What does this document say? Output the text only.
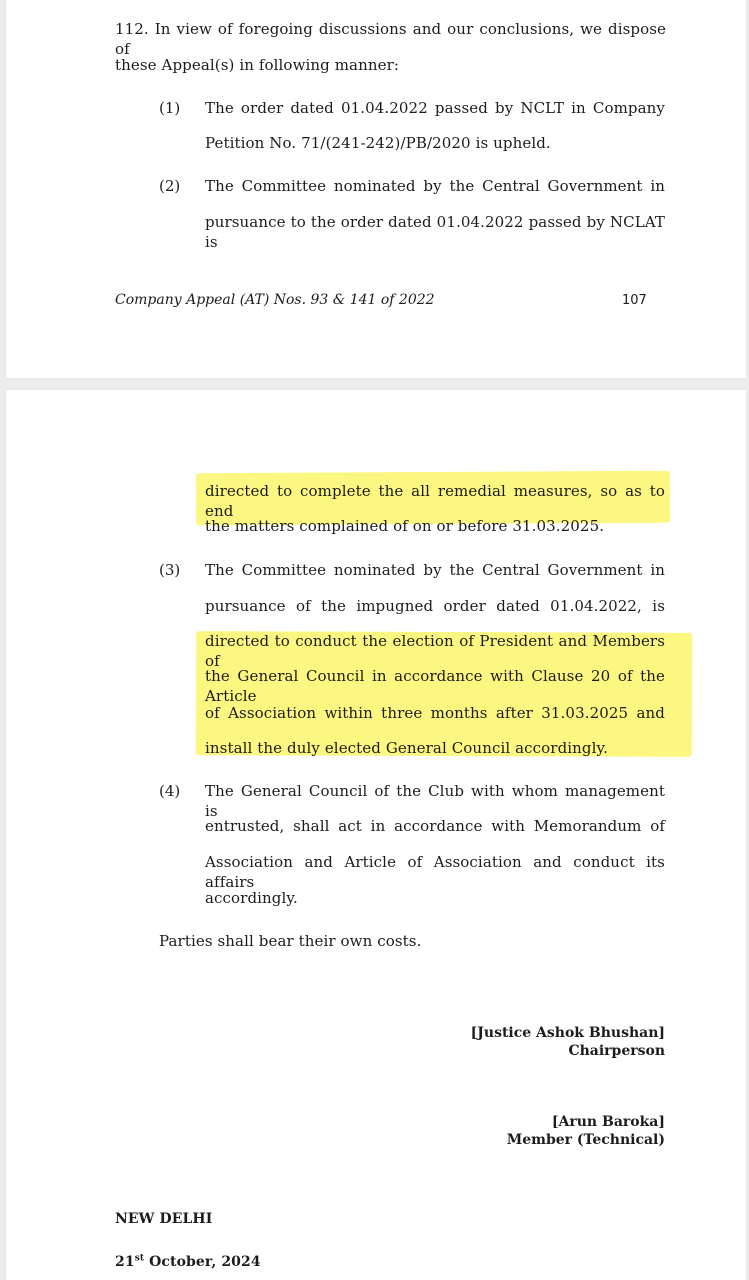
112. In view of foregoing discussions and our conclusions, we dispose of
these Appeal(s) in following manner:
(1) The order dated 01.04.2022 passed by NCLT in Company
Petition No. 71/(241-242)/PB/2020 is upheld.
(2) The Committee nominated by the Central Government in
pursuance to the order dated 01.04.2022 passed by NCLAT is
Company Appeal (AT) Nos. 93 & 141 of 2022	107
directed to complete the all remedial measures, so as to end
the matters complained of on or before 31.03.2025.
(3) The Committee nominated by the Central Government in
pursuance of the impugned order dated 01.04.2022, is
directed to conduct the election of President and Members of
the General Council in accordance with Clause 20 of the Article
of Association within three months after 31.03.2025 and
install the duly elected General Council accordingly.
(4) The General Council of the Club with whom management is
entrusted, shall act in accordance with Memorandum of
Association and Article of Association and conduct its affairs
accordingly.
Parties shall bear their own costs.
[Justice Ashok Bhushan]
Chairperson
[Arun Baroka]
Member (Technical)
NEW DELHI
21st October, 2024
